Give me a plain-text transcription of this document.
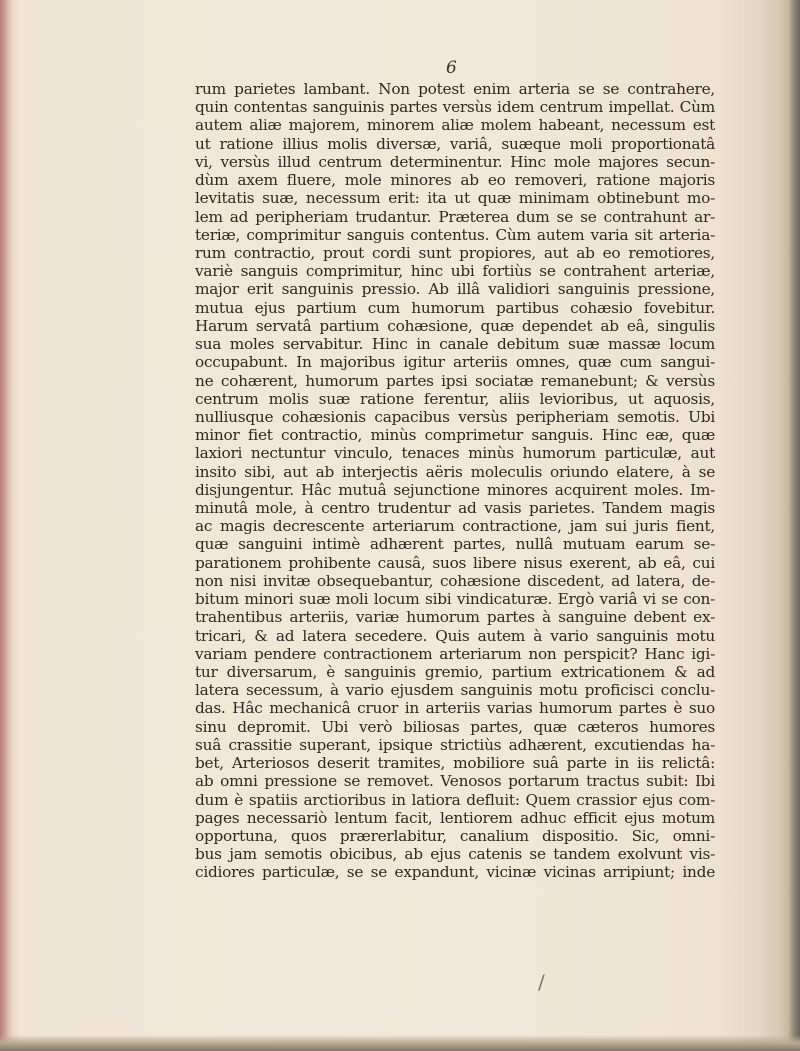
6
rum parietes lambant. Non potest enim arteria se se contrahere,
quin contentas sanguinis partes versùs idem centrum impellat. Cùm
autem aliæ majorem, minorem aliæ molem habeant, necessum est
ut ratione illius molis diversæ, variâ, suæque moli proportionatâ
vi, versùs illud centrum determinentur. Hinc mole majores secun-
dùm axem fluere, mole minores ab eo removeri, ratione majoris
levitatis suæ, necessum erit: ita ut quæ minimam obtinebunt mo-
lem ad peripheriam trudantur. Præterea dum se se contrahunt ar-
teriæ, comprimitur sanguis contentus. Cùm autem varia sit arteria-
rum contractio, prout cordi sunt propiores, aut ab eo remotiores,
variè sanguis comprimitur, hinc ubi fortiùs se contrahent arteriæ,
major erit sanguinis pressio. Ab illâ validiori sanguinis pressione,
mutua ejus partium cum humorum partibus cohæsio fovebitur.
Harum servatâ partium cohæsione, quæ dependet ab eâ, singulis
sua moles servabitur. Hinc in canale debitum suæ massæ locum
occupabunt. In majoribus igitur arteriis omnes, quæ cum sangui-
ne cohærent, humorum partes ipsi sociatæ remanebunt; & versùs
centrum molis suæ ratione ferentur, aliis levioribus, ut aquosis,
nulliusque cohæsionis capacibus versùs peripheriam semotis. Ubi
minor fiet contractio, minùs comprimetur sanguis. Hinc eæ, quæ
laxiori nectuntur vinculo, tenaces minùs humorum particulæ, aut
insito sibi, aut ab interjectis aëris moleculis oriundo elatere, à se
disjungentur. Hâc mutuâ sejunctione minores acquirent moles. Im-
minutâ mole, à centro trudentur ad vasis parietes. Tandem magis
ac magis decrescente arteriarum contractione, jam sui juris fient,
quæ sanguini intimè adhærent partes, nullâ mutuam earum se-
parationem prohibente causâ, suos libere nisus exerent, ab eâ, cui
non nisi invitæ obsequebantur, cohæsione discedent, ad latera, de-
bitum minori suæ moli locum sibi vindicaturæ. Ergò variâ vi se con-
trahentibus arteriis, variæ humorum partes à sanguine debent ex-
tricari, & ad latera secedere. Quis autem à vario sanguinis motu
variam pendere contractionem arteriarum non perspicit? Hanc igi-
tur diversarum, è sanguinis gremio, partium extricationem & ad
latera secessum, à vario ejusdem sanguinis motu proficisci conclu-
das. Hâc mechanicâ cruor in arteriis varias humorum partes è suo
sinu depromit. Ubi verò biliosas partes, quæ cæteros humores
suâ crassitie superant, ipsique strictiùs adhærent, excutiendas ha-
bet, Arteriosos deserit tramites, mobiliore suâ parte in iis relictâ:
ab omni pressione se removet. Venosos portarum tractus subit: Ibi
dum è spatiis arctioribus in latiora defluit: Quem crassior ejus com-
pages necessariò lentum facit, lentiorem adhuc efficit ejus motum
opportuna, quos prærerlabitur, canalium dispositio. Sic, omni-
bus jam semotis obicibus, ab ejus catenis se tandem exolvunt vis-
cidiores particulæ, se se expandunt, vicinæ vicinas arripiunt; inde
/
